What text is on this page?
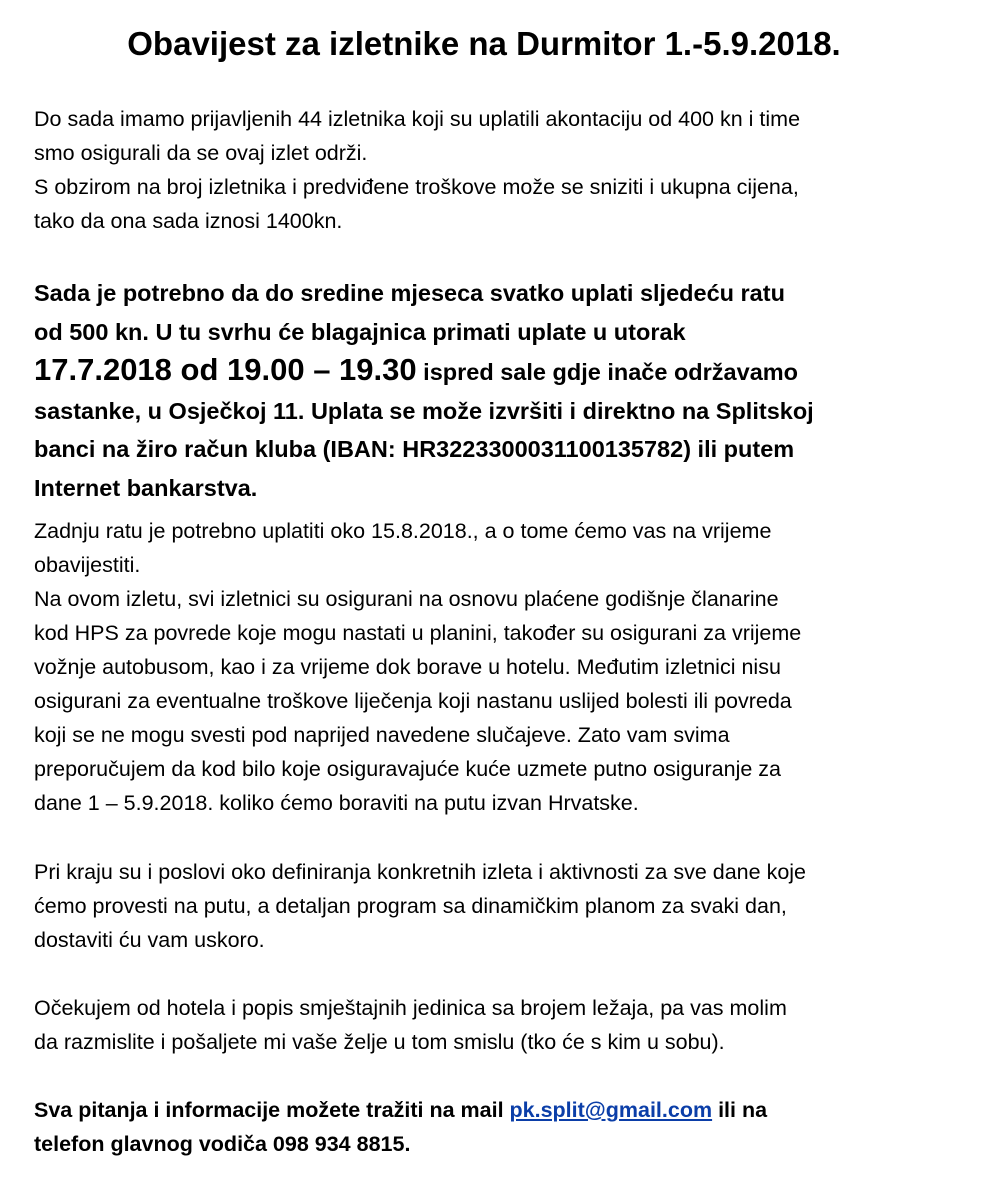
Obavijest za izletnike na Durmitor 1.-5.9.2018.

Do sada imamo prijavljenih 44 izletnika koji su uplatili akontaciju od 400 kn i time
smo osigurali da se ovaj izlet održi.
S obzirom na broj izletnika i predviđene troškove može se sniziti i ukupna cijena,
tako da ona sada iznosi 1400kn.

Sada je potrebno da do sredine mjeseca svatko uplati sljedeću ratu
od 500 kn. U tu svrhu će blagajnica primati uplate u utorak
17.7.2018 od 19.00 – 19.30 ispred sale gdje inače održavamo
sastanke, u Osječkoj 11. Uplata se može izvršiti i direktno na Splitskoj
banci na žiro račun kluba (IBAN: HR3223300031100135782) ili putem
Internet bankarstva.

Zadnju ratu je potrebno uplatiti oko 15.8.2018., a o tome ćemo vas na vrijeme
obavijestiti.
Na ovom izletu, svi izletnici su osigurani na osnovu plaćene godišnje članarine
kod HPS za povrede koje mogu nastati u planini, također su osigurani za vrijeme
vožnje autobusom, kao i za vrijeme dok borave u hotelu. Međutim izletnici nisu
osigurani za eventualne troškove liječenja koji nastanu uslijed bolesti ili povreda
koji se ne mogu svesti pod naprijed navedene slučajeve. Zato vam svima
preporučujem da kod bilo koje osiguravajuće kuće uzmete putno osiguranje za
dane 1 – 5.9.2018. koliko ćemo boraviti na putu izvan Hrvatske.

Pri kraju su i poslovi oko definiranja konkretnih izleta i aktivnosti za sve dane koje
ćemo provesti na putu, a detaljan program sa dinamičkim planom za svaki dan,
dostaviti ću vam uskoro.

Očekujem od hotela i popis smještajnih jedinica sa brojem ležaja, pa vas molim
da razmislite i pošaljete mi vaše želje u tom smislu (tko će s kim u sobu).

Sva pitanja i informacije možete tražiti na mail pk.split@gmail.com ili na
telefon glavnog vodiča 098 934 8815.
